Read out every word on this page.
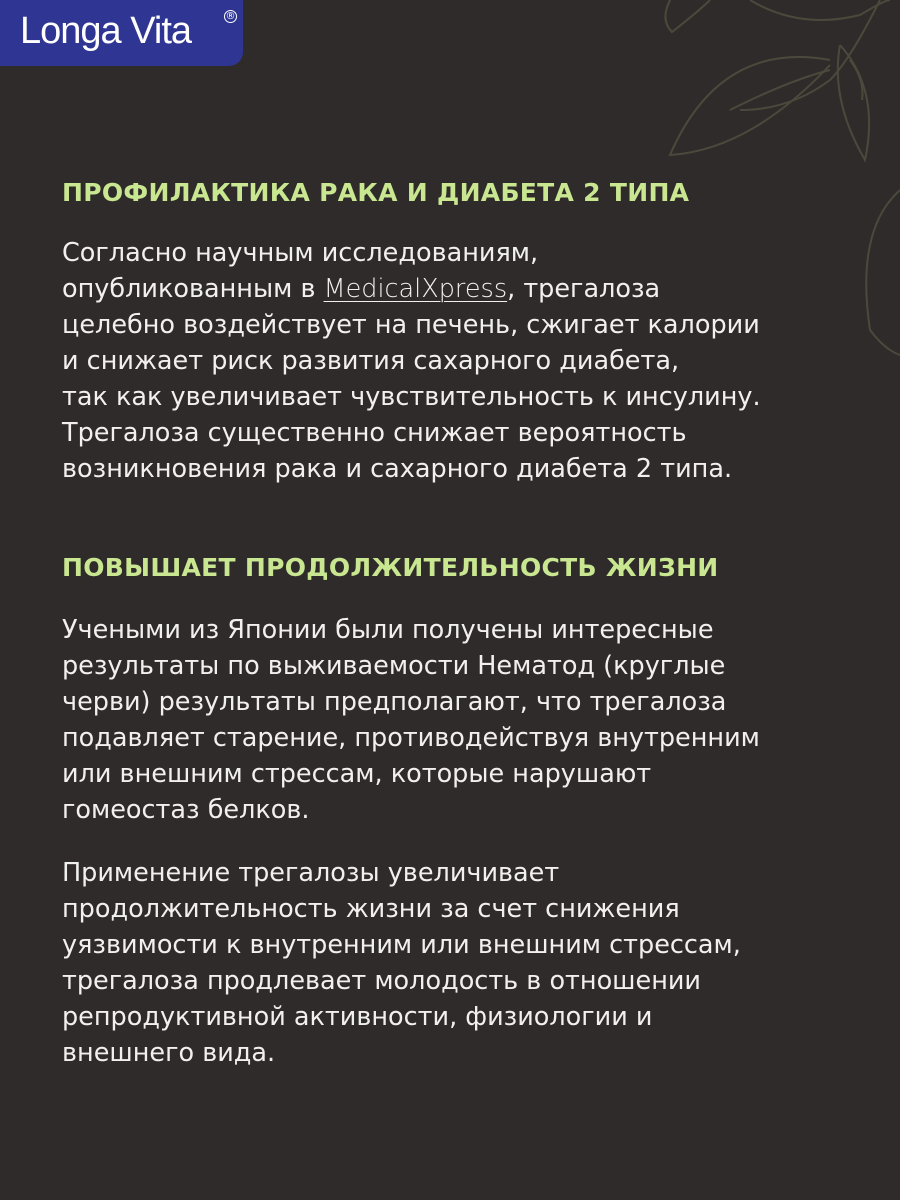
Longa Vita	®
ПРОФИЛАКТИКА РАКА И ДИАБЕТА 2 ТИПА
Согласно научным исследованиям,
опубликованным в MedicalXpress, трегалоза
целебно воздействует на печень, сжигает калории
и снижает риск развития сахарного диабета,
так как увеличивает чувствительность к инсулину.
Трегалоза существенно снижает вероятность
возникновения рака и сахарного диабета 2 типа.
ПОВЫШАЕТ ПРОДОЛЖИТЕЛЬНОСТЬ ЖИЗНИ
Учеными из Японии были получены интересные
результаты по выживаемости Нематод (круглые
черви) результаты предполагают, что трегалоза
подавляет старение, противодействуя внутренним
или внешним стрессам, которые нарушают
гомеостаз белков.
Применение трегалозы увеличивает
продолжительность жизни за счет снижения
уязвимости к внутренним или внешним стрессам,
трегалоза продлевает молодость в отношении
репродуктивной активности, физиологии и
внешнего вида.
